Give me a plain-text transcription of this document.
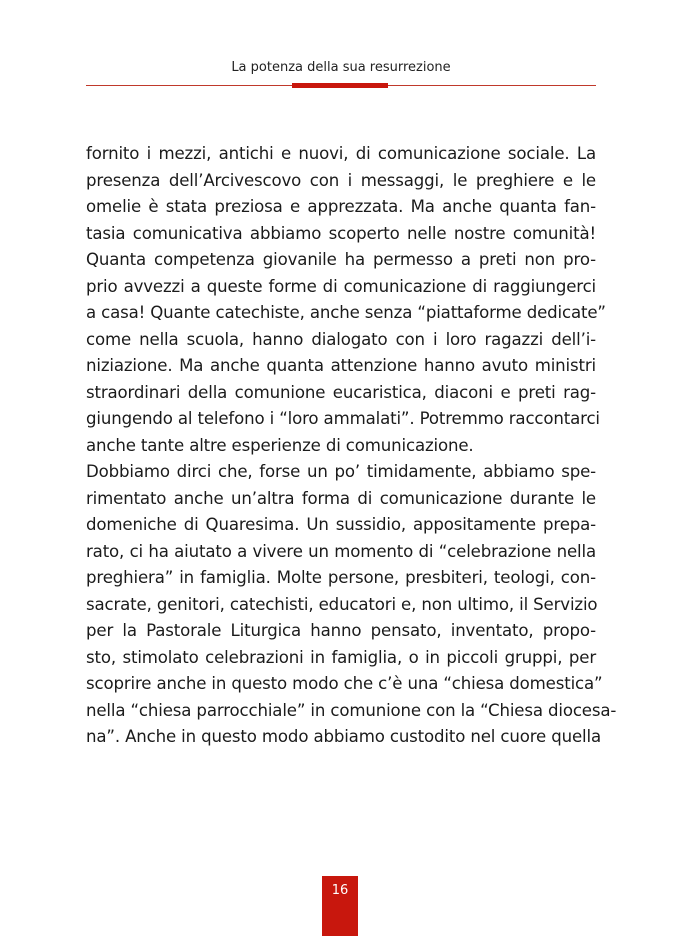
La potenza della sua resurrezione
fornito i mezzi, antichi e nuovi, di comunicazione sociale. La
presenza dell’Arcivescovo con i messaggi, le preghiere e le
omelie è stata preziosa e apprezzata. Ma anche quanta fan-
tasia comunicativa abbiamo scoperto nelle nostre comunità!
Quanta competenza giovanile ha permesso a preti non pro-
prio avvezzi a queste forme di comunicazione di raggiungerci
a casa! Quante catechiste, anche senza “piattaforme dedicate”
come nella scuola, hanno dialogato con i loro ragazzi dell’i-
niziazione. Ma anche quanta attenzione hanno avuto ministri
straordinari della comunione eucaristica, diaconi e preti rag-
giungendo al telefono i “loro ammalati”. Potremmo raccontarci
anche tante altre esperienze di comunicazione.
Dobbiamo dirci che, forse un po’ timidamente, abbiamo spe-
rimentato anche un’altra forma di comunicazione durante le
domeniche di Quaresima. Un sussidio, appositamente prepa-
rato, ci ha aiutato a vivere un momento di “celebrazione nella
preghiera” in famiglia. Molte persone, presbiteri, teologi, con-
sacrate, genitori, catechisti, educatori e, non ultimo, il Servizio
per la Pastorale Liturgica hanno pensato, inventato, propo-
sto, stimolato celebrazioni in famiglia, o in piccoli gruppi, per
scoprire anche in questo modo che c’è una “chiesa domestica”
nella “chiesa parrocchiale” in comunione con la “Chiesa diocesa-
na”. Anche in questo modo abbiamo custodito nel cuore quella
16
